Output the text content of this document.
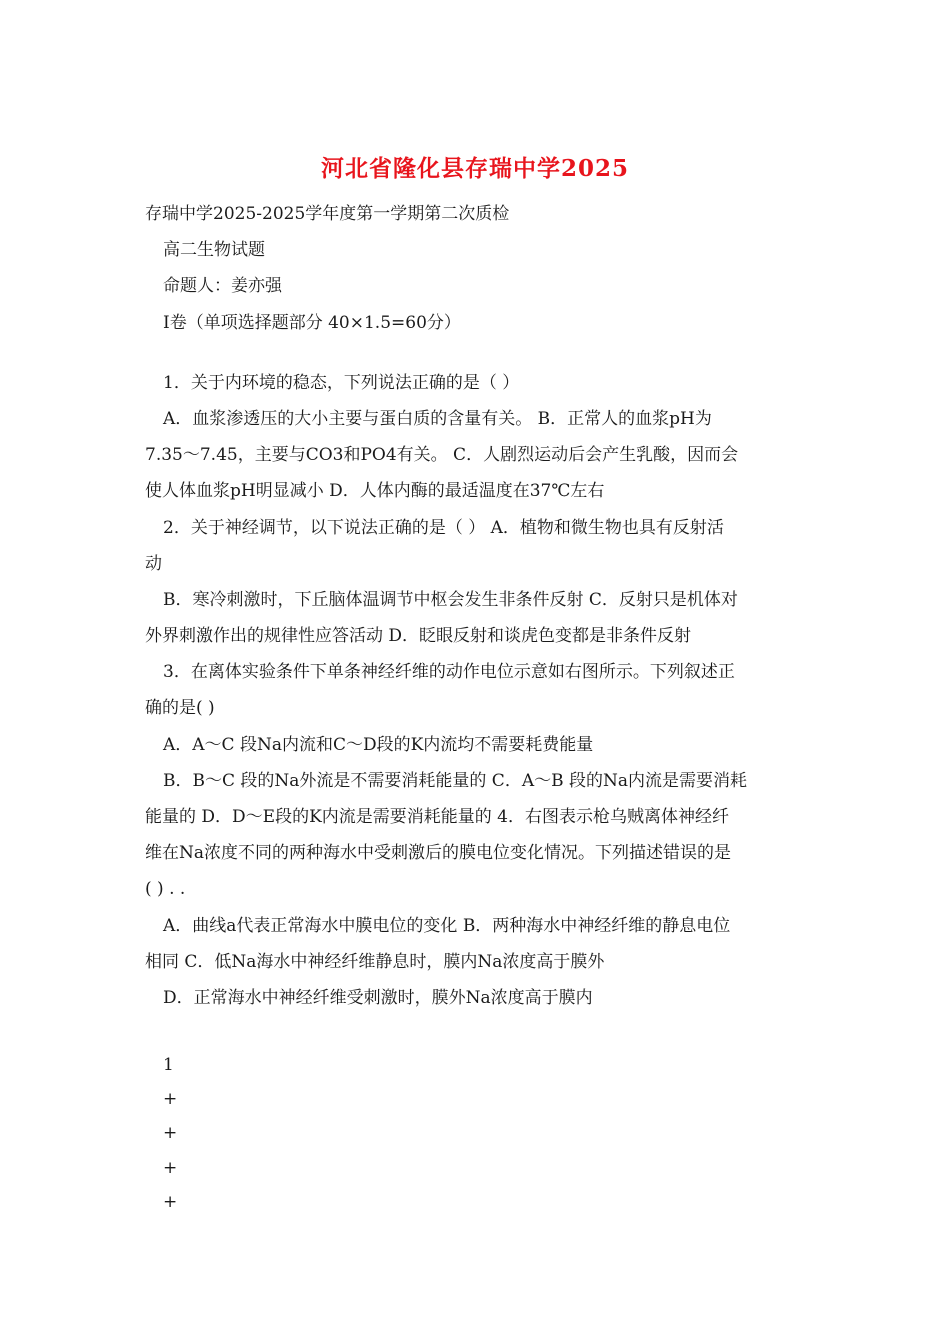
河北省隆化县存瑞中学2025
存瑞中学2025-2025学年度第一学期第二次质检
高二生物试题
命题人：姜亦强
Ⅰ卷（单项选择题部分 40×1.5=60分）
1．关于内环境的稳态，下列说法正确的是（ ）
A．血浆渗透压的大小主要与蛋白质的含量有关。 B．正常人的血浆pH为
7.35～7.45，主要与CO3和PO4有关。 C．人剧烈运动后会产生乳酸，因而会
使人体血浆pH明显减小 D．人体内酶的最适温度在37℃左右
2．关于神经调节，以下说法正确的是（ ） A．植物和微生物也具有反射活
动
B．寒冷刺激时，下丘脑体温调节中枢会发生非条件反射 C．反射只是机体对
外界刺激作出的规律性应答活动 D．眨眼反射和谈虎色变都是非条件反射
3．在离体实验条件下单条神经纤维的动作电位示意如右图所示。下列叙述正
确的是( )
A．A～C 段Na内流和C～D段的K内流均不需要耗费能量
B．B～C 段的Na外流是不需要消耗能量的 C．A～B 段的Na内流是需要消耗
能量的 D．D～E段的K内流是需要消耗能量的 4．右图表示枪乌贼离体神经纤
维在Na浓度不同的两种海水中受刺激后的膜电位变化情况。下列描述错误的是
( ) . .
A．曲线a代表正常海水中膜电位的变化 B．两种海水中神经纤维的静息电位
相同 C．低Na海水中神经纤维静息时，膜内Na浓度高于膜外
D．正常海水中神经纤维受刺激时，膜外Na浓度高于膜内
1
+
+
+
+
